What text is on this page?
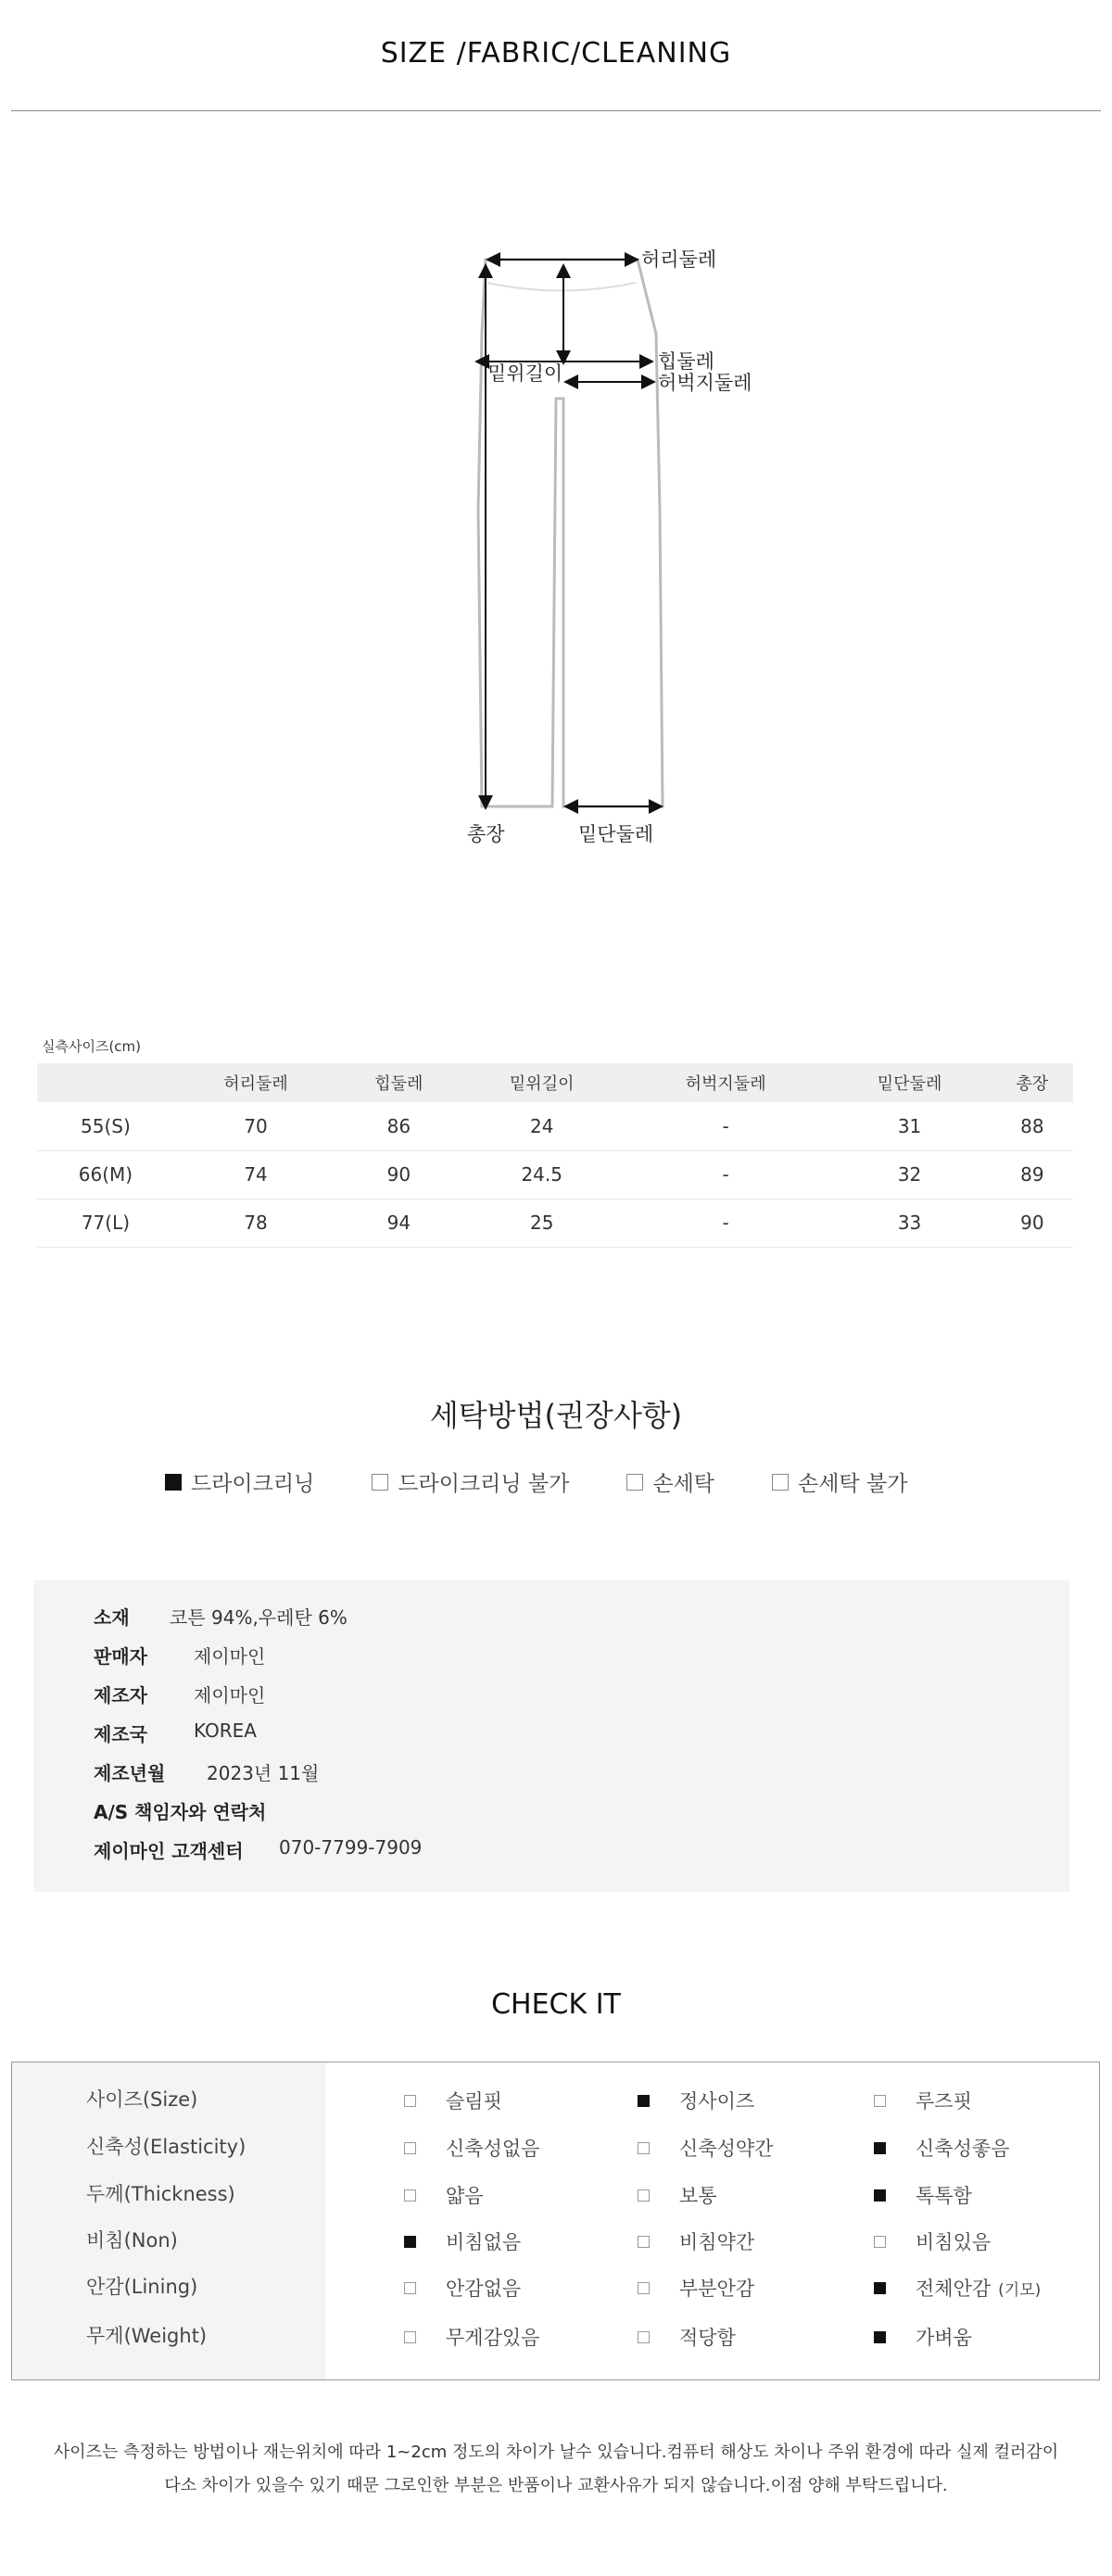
SIZE /FABRIC/CLEANING
허리둘레
힙둘레
밑위길이	허벅지둘레
총장	밑단둘레
실측사이즈(cm)
	허리둘레	힙둘레	밑위길이	허벅지둘레	밑단둘레	총장
55(S)	70	86	24	-	31	88
66(M)	74	90	24.5	-	32	89
77(L)	78	94	25	-	33	90
세탁방법(권장사항)
드라이크리닝	드라이크리닝 불가	손세탁	손세탁 불가
소재	코튼 94%,우레탄 6%
판매자	제이마인
제조자	제이마인
제조국	KOREA
제조년월	2023년 11월
A/S 책임자와 연락처
제이마인 고객센터	070-7799-7909
CHECK IT
사이즈(Size)	슬림핏	정사이즈	루즈핏
신축성(Elasticity)	신축성없음	신축성약간	신축성좋음
두께(Thickness)	얇음	보통	톡톡함
비침(Non)	비침없음	비침약간	비침있음
안감(Lining)	안감없음	부분안감	전체안감 (기모)
무게(Weight)	무게감있음	적당함	가벼움
사이즈는 측정하는 방법이나 재는위치에 따라 1~2cm 정도의 차이가 날수 있습니다.컴퓨터 해상도 차이나 주위 환경에 따라 실제 컬러감이
다소 차이가 있을수 있기 때문 그로인한 부분은 반품이나 교환사유가 되지 않습니다.이점 양해 부탁드립니다.
